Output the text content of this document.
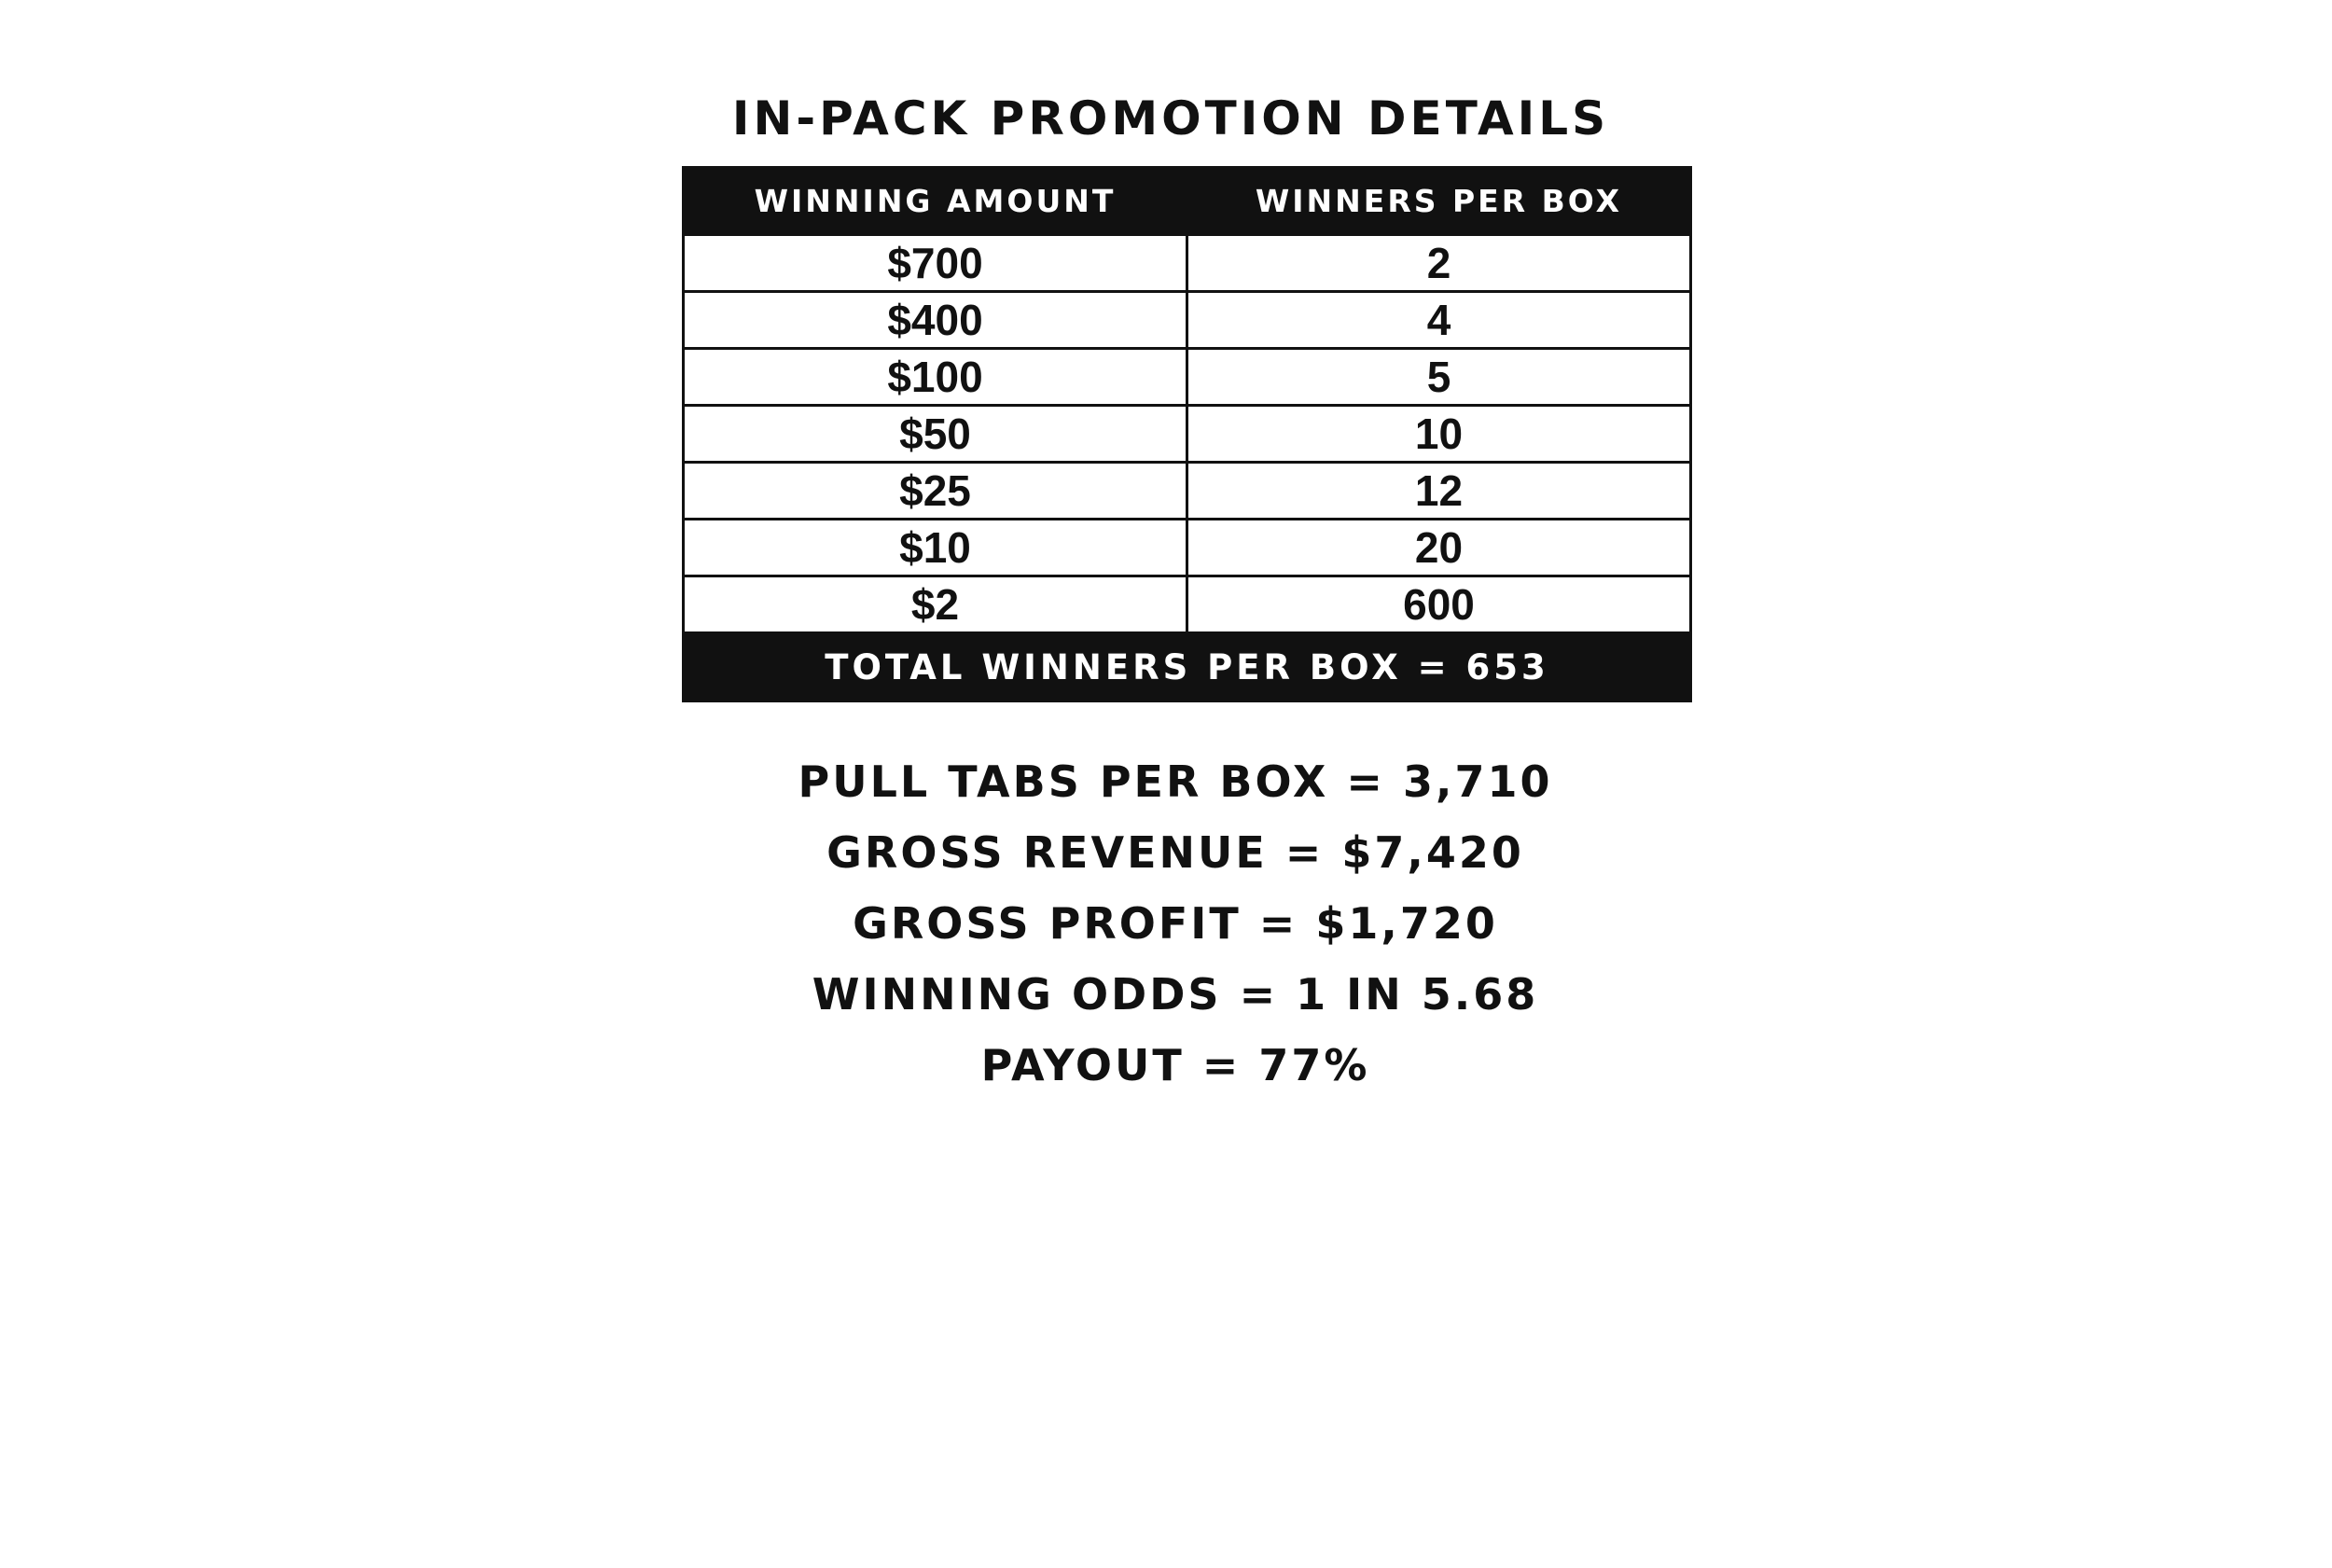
IN-PACK PROMOTION DETAILS
WINNING AMOUNT	WINNERS PER BOX
$700	2
$400	4
$100	5
$50	10
$25	12
$10	20
$2	600
TOTAL WINNERS PER BOX = 653	
PULL TABS PER BOX = 3,710
GROSS REVENUE = $7,420
GROSS PROFIT = $1,720
WINNING ODDS = 1 IN 5.68
PAYOUT = 77%
